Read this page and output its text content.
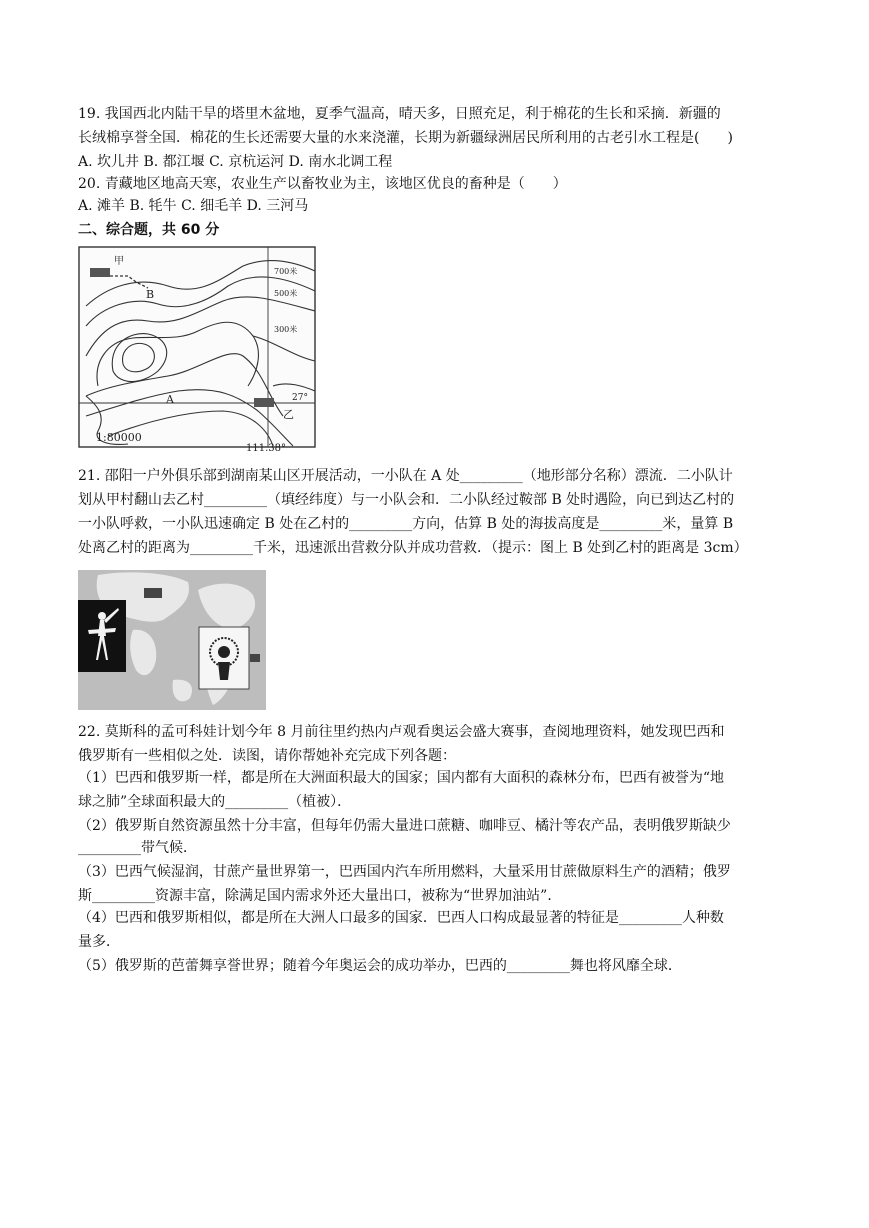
19. 我国西北内陆干旱的塔里木盆地，夏季气温高，晴天多，日照充足，利于棉花的生长和采摘．新疆的
长绒棉享誉全国．棉花的生长还需要大量的水来浇灌，长期为新疆绿洲居民所利用的古老引水工程是(　　)
A. 坎儿井 B. 都江堰 C. 京杭运河 D. 南水北调工程
20. 青藏地区地高天寒，农业生产以畜牧业为主，该地区优良的畜种是（　　）
A. 滩羊 B. 牦牛 C. 细毛羊 D. 三河马
二、综合题，共 60 分
甲
B
A
乙
700米
500米
300米
27°
111.38°
1:80000
21. 邵阳一户外俱乐部到湖南某山区开展活动，一小队在 A 处_________（地形部分名称）漂流．二小队计
划从甲村翻山去乙村_________（填经纬度）与一小队会和．二小队经过鞍部 B 处时遇险，向已到达乙村的
一小队呼救，一小队迅速确定 B 处在乙村的_________方向，估算 B 处的海拔高度是_________米，量算 B
处离乙村的距离为_________千米，迅速派出营救分队并成功营救．（提示：图上 B 处到乙村的距离是 3cm）
22. 莫斯科的孟可科娃计划今年 8 月前往里约热内卢观看奥运会盛大赛事，查阅地理资料，她发现巴西和
俄罗斯有一些相似之处．读图，请你帮她补充完成下列各题：
（1）巴西和俄罗斯一样，都是所在大洲面积最大的国家；国内都有大面积的森林分布，巴西有被誉为“地
球之肺”全球面积最大的_________（植被）．
（2）俄罗斯自然资源虽然十分丰富，但每年仍需大量进口蔗糖、咖啡豆、橘汁等农产品，表明俄罗斯缺少
_________带气候．
（3）巴西气候湿润，甘蔗产量世界第一，巴西国内汽车所用燃料，大量采用甘蔗做原料生产的酒精；俄罗
斯_________资源丰富，除满足国内需求外还大量出口，被称为“世界加油站”．
（4）巴西和俄罗斯相似，都是所在大洲人口最多的国家．巴西人口构成最显著的特征是_________人种数
量多．
（5）俄罗斯的芭蕾舞享誉世界；随着今年奥运会的成功举办，巴西的_________舞也将风靡全球．
